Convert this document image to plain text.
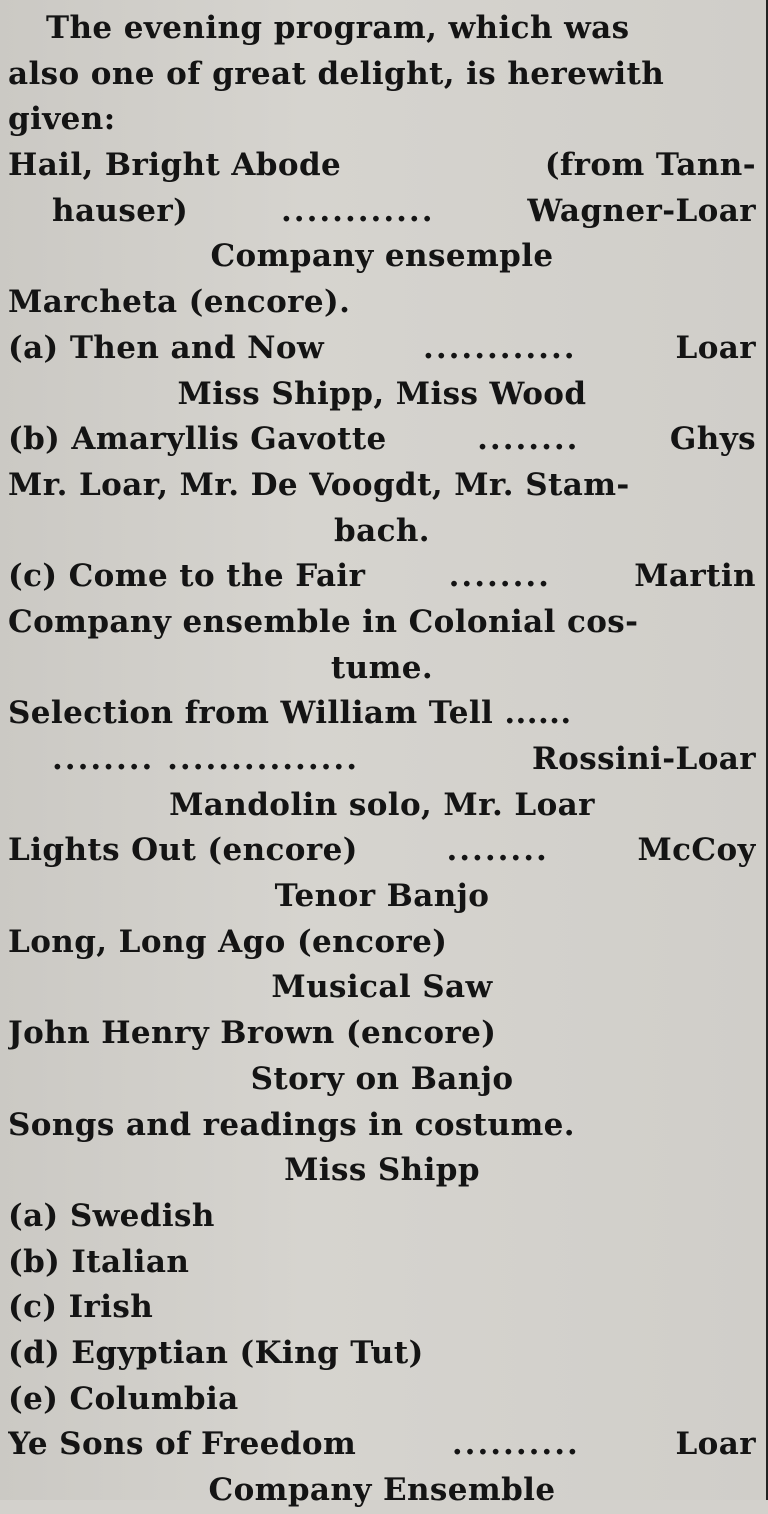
The evening program, which was
also one of great delight, is herewith
given:
Hail, Bright Abode	(from Tann-
hauser)	............	Wagner-Loar
Company ensemple
Marcheta (encore).
(a) Then and Now	............	Loar
Miss Shipp, Miss Wood
(b) Amaryllis Gavotte	........	Ghys
Mr. Loar, Mr. De Voogdt, Mr. Stam-
bach.
(c) Come to the Fair	........	Martin
Company ensemble in Colonial cos-
tume.
Selection from William Tell ......
........ ...............	Rossini-Loar
Mandolin solo, Mr. Loar
Lights Out (encore)	........	McCoy
Tenor Banjo
Long, Long Ago (encore)
Musical Saw
John Henry Brown (encore)
Story on Banjo
Songs and readings in costume.
Miss Shipp
(a) Swedish
(b) Italian
(c) Irish
(d) Egyptian (King Tut)
(e) Columbia
Ye Sons of Freedom	..........	Loar
Company Ensemble
